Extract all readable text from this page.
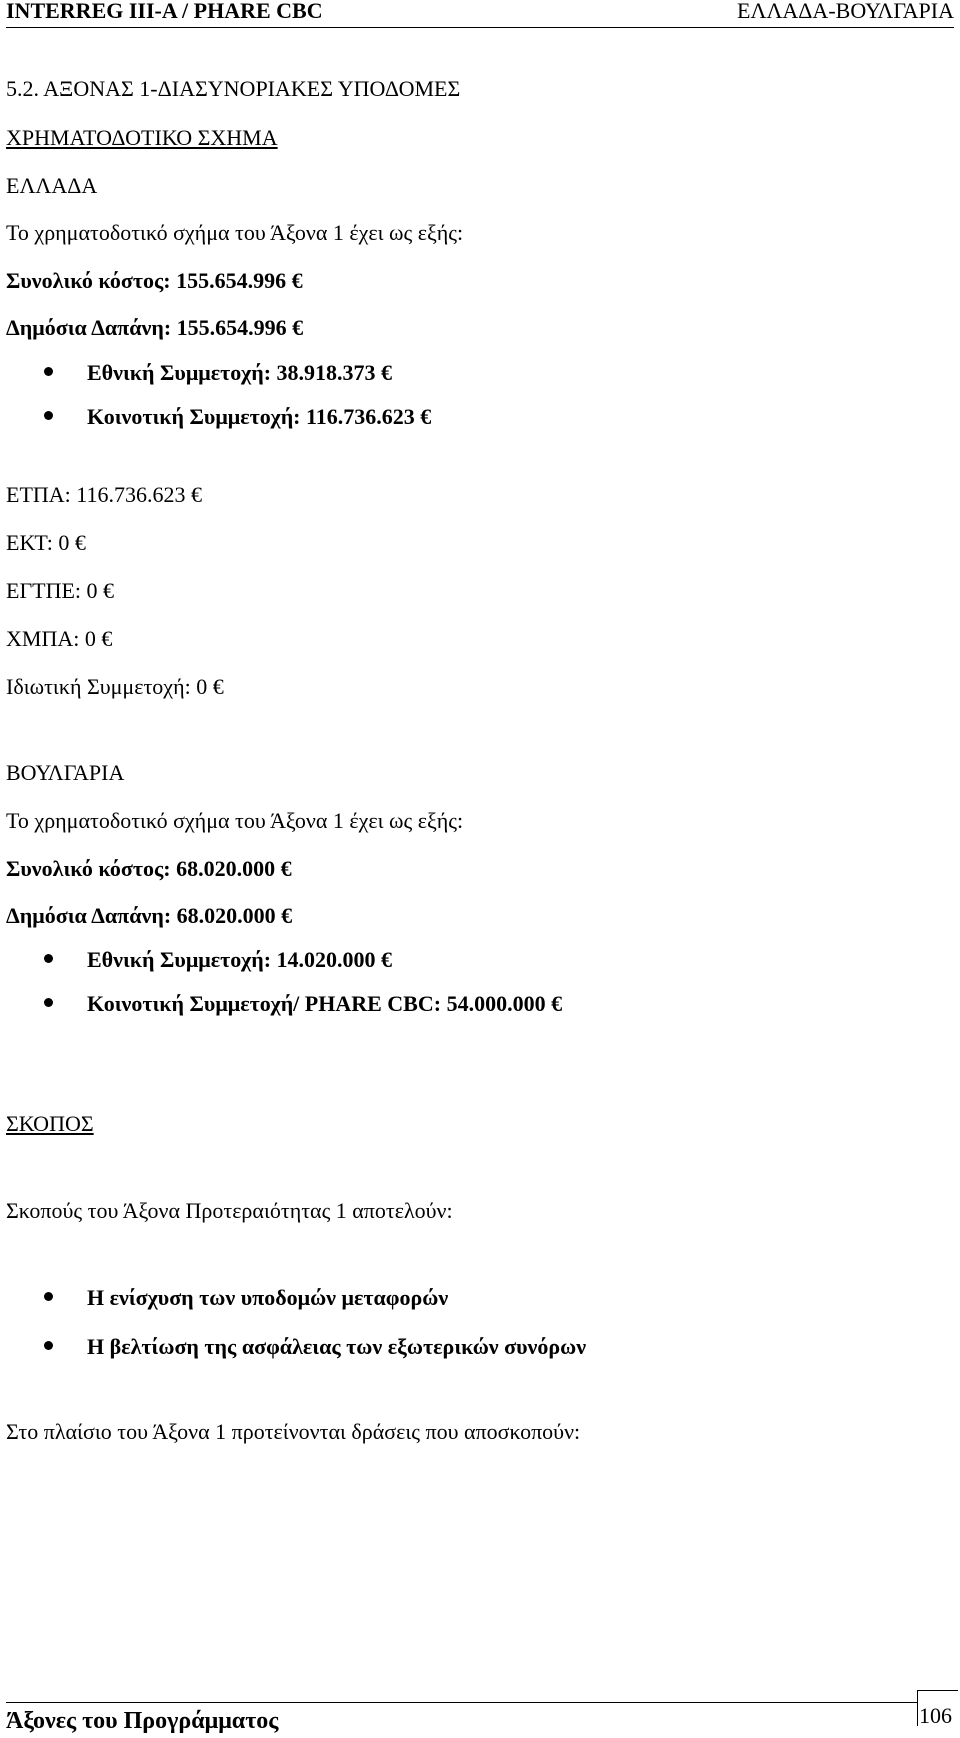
INTERREG III-A / PHARE CBC	ΕΛΛΑΔΑ-ΒΟΥΛΓΑΡΙΑ
5.2. ΑΞΟΝΑΣ 1-ΔΙΑΣΥΝΟΡΙΑΚΕΣ ΥΠΟΔΟΜΕΣ
ΧΡΗΜΑΤΟΔΟΤΙΚΟ ΣΧΗΜΑ
ΕΛΛΑΔΑ
Το χρηματοδοτικό σχήμα του Άξονα 1 έχει ως εξής:
Συνολικό κόστος: 155.654.996 €
Δημόσια Δαπάνη: 155.654.996 €
Εθνική Συμμετοχή: 38.918.373 €
Κοινοτική Συμμετοχή: 116.736.623 €
ΕΤΠΑ: 116.736.623 €
ΕΚΤ: 0 €
ΕΓΤΠΕ: 0 €
ΧΜΠΑ: 0 €
Ιδιωτική Συμμετοχή: 0 €
ΒΟΥΛΓΑΡΙΑ
Το χρηματοδοτικό σχήμα του Άξονα 1 έχει ως εξής:
Συνολικό κόστος: 68.020.000 €
Δημόσια Δαπάνη: 68.020.000 €
Εθνική Συμμετοχή: 14.020.000 €
Κοινοτική Συμμετοχή/ PHARE CBC: 54.000.000 €
ΣΚΟΠΟΣ
Σκοπούς του Άξονα Προτεραιότητας 1 αποτελούν:
Η ενίσχυση των υποδομών μεταφορών
Η βελτίωση της ασφάλειας των εξωτερικών συνόρων
Στο πλαίσιο του Άξονα 1 προτείνονται δράσεις που αποσκοπούν:
Άξονες του Προγράμματος	106
